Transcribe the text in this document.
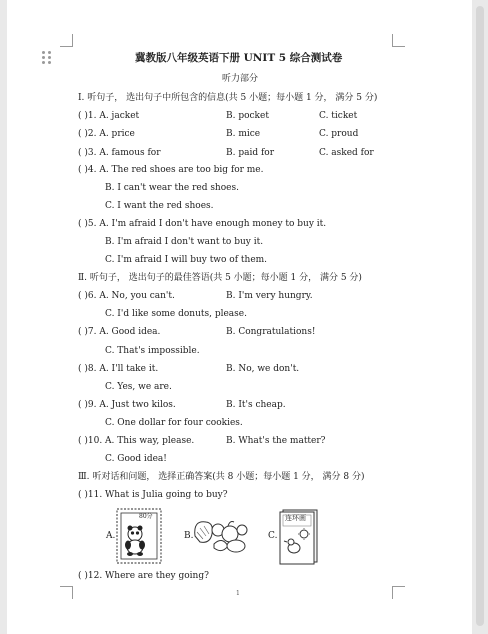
冀教版八年级英语下册 UNIT 5 综合测试卷
听力部分
Ⅰ. 听句子， 选出句子中所包含的信息(共 5 小题；每小题 1 分， 满分 5 分)
( )1. A. jacket	B. pocket	C. ticket
( )2. A. price	B. mice	C. proud
( )3. A. famous for	B. paid for	C. asked for
( )4. A. The red shoes are too big for me.
B. I can't wear the red shoes.
C. I want the red shoes.
( )5. A. I'm afraid I don't have enough money to buy it.
B. I'm afraid I don't want to buy it.
C. I'm afraid I will buy two of them.
Ⅱ. 听句子， 选出句子的最佳答语(共 5 小题；每小题 1 分， 满分 5 分)
( )6. A. No, you can't.	B. I'm very hungry.
C. I'd like some donuts, please.
( )7. A. Good idea.	B. Congratulations!
C. That's impossible.
( )8. A. I'll take it.	B. No, we don't.
C. Yes, we are.
( )9. A. Just two kilos.	B. It's cheap.
C. One dollar for four cookies.
( )10. A. This way, please.	B. What's the matter?
C. Good idea!
Ⅲ. 听对话和问题， 选择正确答案(共 8 小题；每小题 1 分， 满分 8 分)
( )11. What is Julia going to buy?
A.
80分
B.	C.
连环画
( )12. Where are they going?
1
